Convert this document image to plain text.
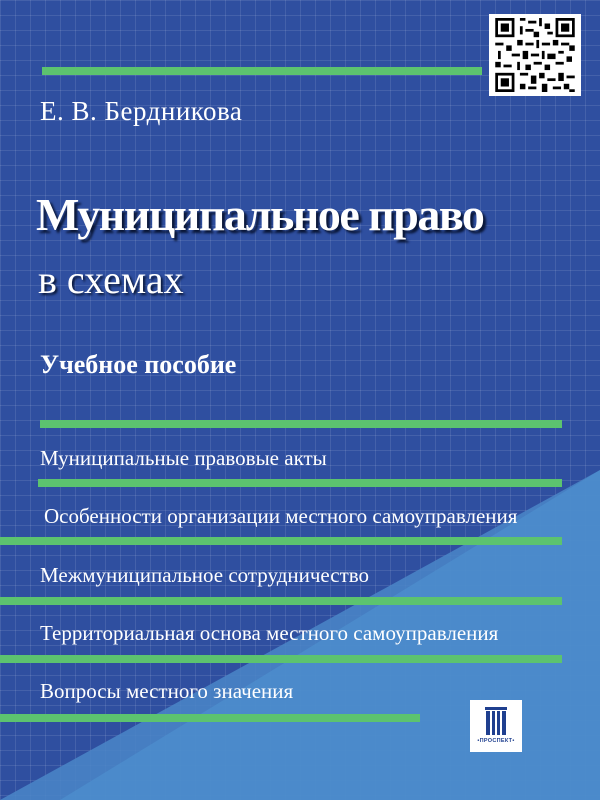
Е. В. Бердникова
Муниципальное право
в схемах
Учебное пособие
Муниципальные правовые акты
Особенности организации местного самоуправления
Межмуниципальное сотрудничество
Территориальная основа местного самоуправления
Вопросы местного значения
•ПРОСПЕКТ•
